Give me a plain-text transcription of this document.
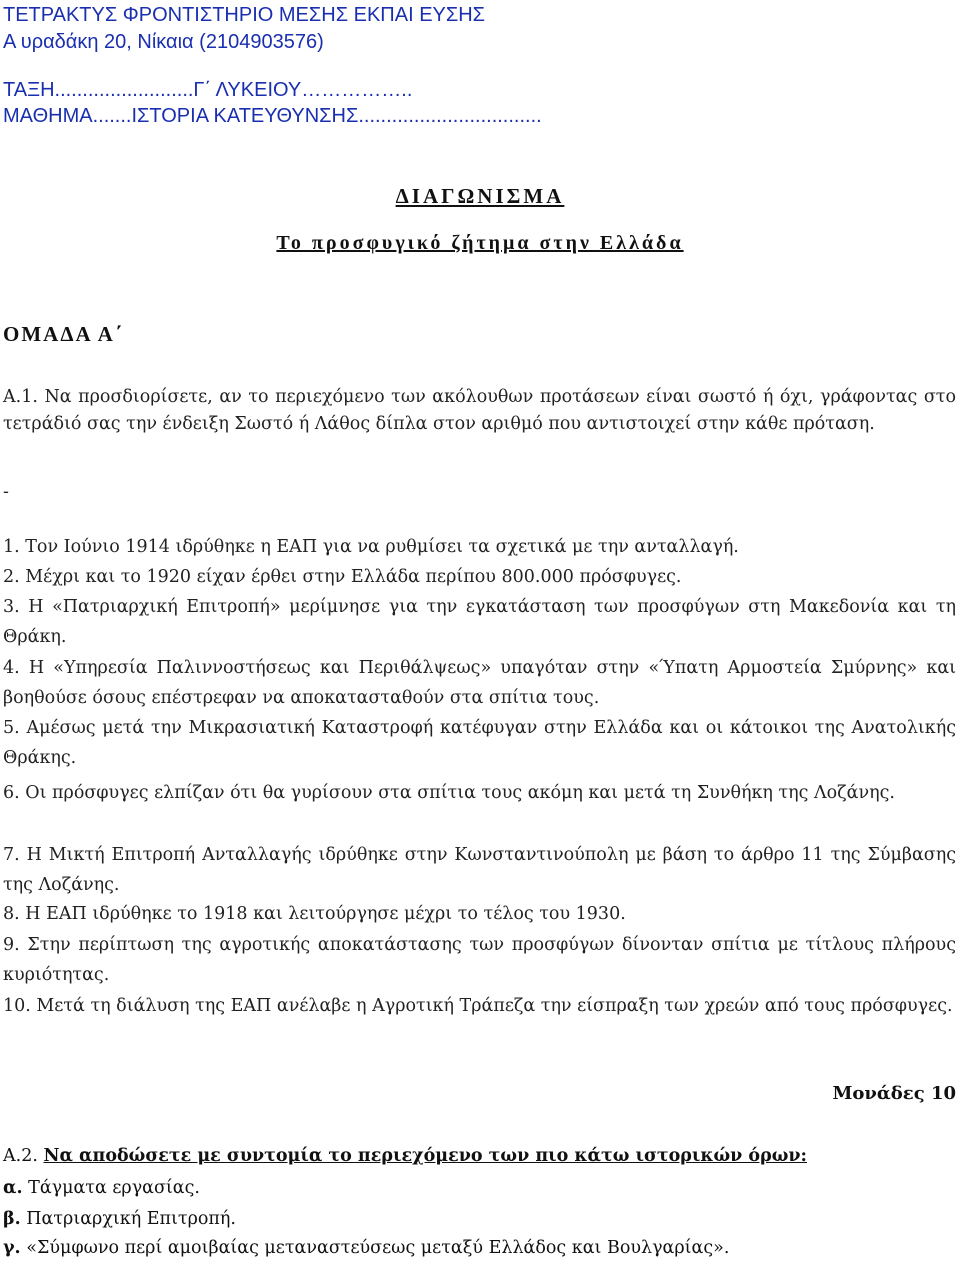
ΤΕΤΡΑΚΤΥΣ ΦΡΟΝΤΙΣΤΗΡΙΟ ΜΕΣΗΣ ΕΚΠΑΙ ΕΥΣΗΣ
Α υραδάκη 20, Νίκαια (2104903576)
ΤΑΞΗ.........................Γ΄ ΛΥΚΕΙΟΥ……………..
ΜΑΘΗΜΑ.......ΙΣΤΟΡΙΑ ΚΑΤΕΥΘΥΝΣΗΣ.................................
ΔΙΑΓΩΝΙΣΜΑ
Το προσφυγικό ζήτημα στην Ελλάδα
ΟΜΑΔΑ Α΄
Α.1. Να προσδιορίσετε, αν το περιεχόμενο των ακόλουθων προτάσεων είναι σωστό ή όχι, γράφοντας στο τετράδιό σας την ένδειξη Σωστό ή Λάθος δίπλα στον αριθμό που αντιστοιχεί στην κάθε πρόταση.
-
1. Τον Ιούνιο 1914 ιδρύθηκε η ΕΑΠ για να ρυθμίσει τα σχετικά με την ανταλλαγή.
2. Μέχρι και το 1920 είχαν έρθει στην Ελλάδα περίπου 800.000 πρόσφυγες.
3. Η «Πατριαρχική Επιτροπή» μερίμνησε για την εγκατάσταση των προσφύγων στη Μακεδονία και τη Θράκη.
4. Η «Υπηρεσία Παλιννοστήσεως και Περιθάλψεως» υπαγόταν στην «Ύπατη Αρμοστεία Σμύρνης» και βοηθούσε όσους επέστρεφαν να αποκατασταθούν στα σπίτια τους.
5. Αμέσως μετά την Μικρασιατική Καταστροφή κατέφυγαν στην Ελλάδα και οι κάτοικοι της Ανατολικής Θράκης.
6. Οι πρόσφυγες ελπίζαν ότι θα γυρίσουν στα σπίτια τους ακόμη και μετά τη Συνθήκη της Λοζάνης.
7. Η Μικτή Επιτροπή Ανταλλαγής ιδρύθηκε στην Κωνσταντινούπολη με βάση το άρθρο 11 της Σύμβασης της Λοζάνης.
8. Η ΕΑΠ ιδρύθηκε το 1918 και λειτούργησε μέχρι το τέλος του 1930.
9. Στην περίπτωση της αγροτικής αποκατάστασης των προσφύγων δίνονταν σπίτια με τίτλους πλήρους κυριότητας.
10. Μετά τη διάλυση της ΕΑΠ ανέλαβε η Αγροτική Τράπεζα την είσπραξη των χρεών από τους πρόσφυγες.
Μονάδες 10
Α.2. Να αποδώσετε με συντομία το περιεχόμενο των πιο κάτω ιστορικών όρων:
α. Τάγματα εργασίας.
β. Πατριαρχική Επιτροπή.
γ. «Σύμφωνο περί αμοιβαίας μεταναστεύσεως μεταξύ Ελλάδος και Βουλγαρίας».
